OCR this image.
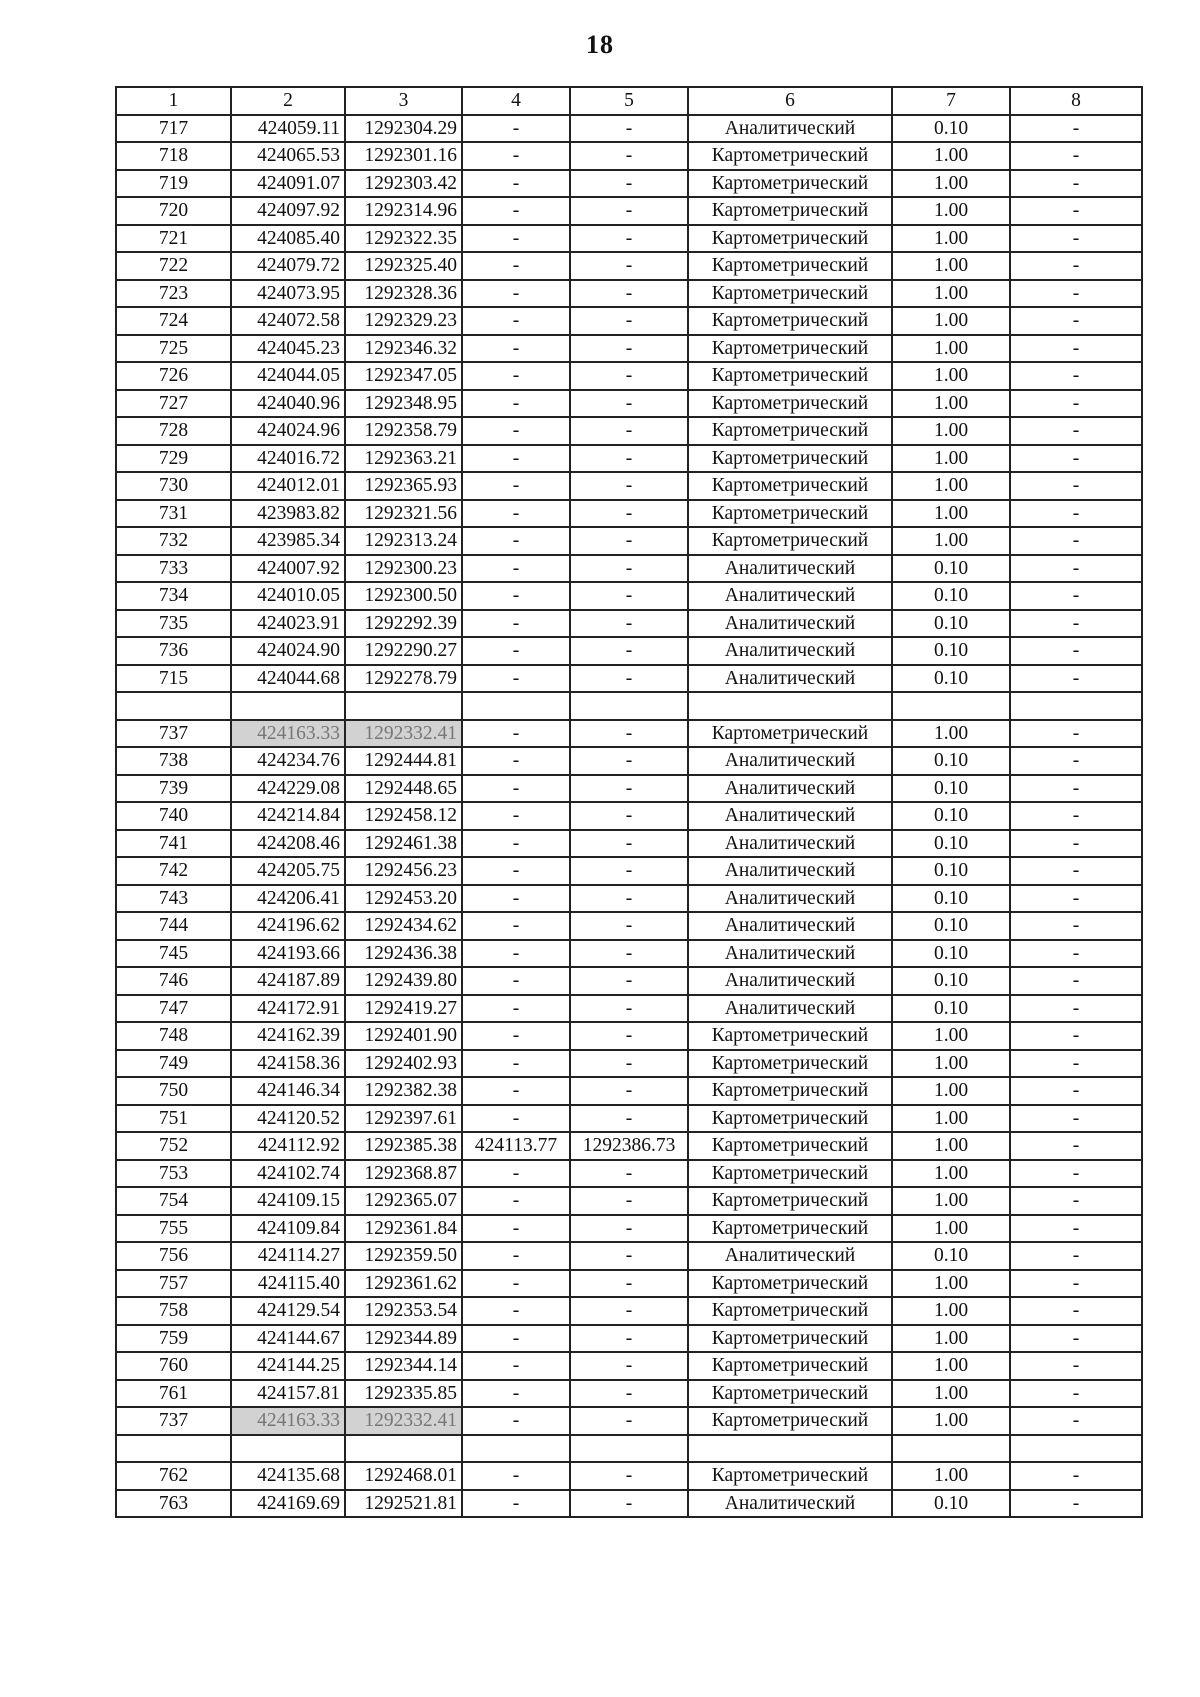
18
1	2	3	4	5	6	7	8
717	424059.11	1292304.29	-	-	Аналитический	0.10	-
718	424065.53	1292301.16	-	-	Картометрический	1.00	-
719	424091.07	1292303.42	-	-	Картометрический	1.00	-
720	424097.92	1292314.96	-	-	Картометрический	1.00	-
721	424085.40	1292322.35	-	-	Картометрический	1.00	-
722	424079.72	1292325.40	-	-	Картометрический	1.00	-
723	424073.95	1292328.36	-	-	Картометрический	1.00	-
724	424072.58	1292329.23	-	-	Картометрический	1.00	-
725	424045.23	1292346.32	-	-	Картометрический	1.00	-
726	424044.05	1292347.05	-	-	Картометрический	1.00	-
727	424040.96	1292348.95	-	-	Картометрический	1.00	-
728	424024.96	1292358.79	-	-	Картометрический	1.00	-
729	424016.72	1292363.21	-	-	Картометрический	1.00	-
730	424012.01	1292365.93	-	-	Картометрический	1.00	-
731	423983.82	1292321.56	-	-	Картометрический	1.00	-
732	423985.34	1292313.24	-	-	Картометрический	1.00	-
733	424007.92	1292300.23	-	-	Аналитический	0.10	-
734	424010.05	1292300.50	-	-	Аналитический	0.10	-
735	424023.91	1292292.39	-	-	Аналитический	0.10	-
736	424024.90	1292290.27	-	-	Аналитический	0.10	-
715	424044.68	1292278.79	-	-	Аналитический	0.10	-

737	424163.33	1292332.41	-	-	Картометрический	1.00	-
738	424234.76	1292444.81	-	-	Аналитический	0.10	-
739	424229.08	1292448.65	-	-	Аналитический	0.10	-
740	424214.84	1292458.12	-	-	Аналитический	0.10	-
741	424208.46	1292461.38	-	-	Аналитический	0.10	-
742	424205.75	1292456.23	-	-	Аналитический	0.10	-
743	424206.41	1292453.20	-	-	Аналитический	0.10	-
744	424196.62	1292434.62	-	-	Аналитический	0.10	-
745	424193.66	1292436.38	-	-	Аналитический	0.10	-
746	424187.89	1292439.80	-	-	Аналитический	0.10	-
747	424172.91	1292419.27	-	-	Аналитический	0.10	-
748	424162.39	1292401.90	-	-	Картометрический	1.00	-
749	424158.36	1292402.93	-	-	Картометрический	1.00	-
750	424146.34	1292382.38	-	-	Картометрический	1.00	-
751	424120.52	1292397.61	-	-	Картометрический	1.00	-
752	424112.92	1292385.38	424113.77	1292386.73	Картометрический	1.00	-
753	424102.74	1292368.87	-	-	Картометрический	1.00	-
754	424109.15	1292365.07	-	-	Картометрический	1.00	-
755	424109.84	1292361.84	-	-	Картометрический	1.00	-
756	424114.27	1292359.50	-	-	Аналитический	0.10	-
757	424115.40	1292361.62	-	-	Картометрический	1.00	-
758	424129.54	1292353.54	-	-	Картометрический	1.00	-
759	424144.67	1292344.89	-	-	Картометрический	1.00	-
760	424144.25	1292344.14	-	-	Картометрический	1.00	-
761	424157.81	1292335.85	-	-	Картометрический	1.00	-
737	424163.33	1292332.41	-	-	Картометрический	1.00	-

762	424135.68	1292468.01	-	-	Картометрический	1.00	-
763	424169.69	1292521.81	-	-	Аналитический	0.10	-
